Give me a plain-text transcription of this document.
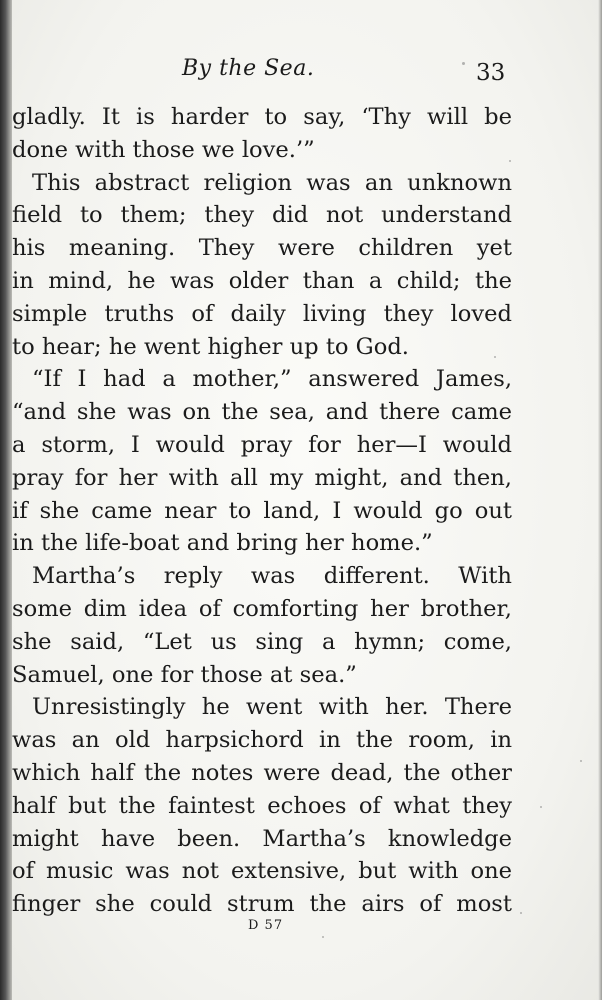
By the Sea.	33
gladly. It is harder to say, ‘Thy will be
done with those we love.’”
This abstract religion was an unknown
field to them; they did not understand
his meaning. They were children yet
in mind, he was older than a child; the
simple truths of daily living they loved
to hear; he went higher up to God.
“If I had a mother,” answered James,
“and she was on the sea, and there came
a storm, I would pray for her—I would
pray for her with all my might, and then,
if she came near to land, I would go out
in the life-boat and bring her home.”
Martha’s reply was different. With
some dim idea of comforting her brother,
she said, “Let us sing a hymn; come,
Samuel, one for those at sea.”
Unresistingly he went with her. There
was an old harpsichord in the room, in
which half the notes were dead, the other
half but the faintest echoes of what they
might have been. Martha’s knowledge
of music was not extensive, but with one
finger she could strum the airs of most
D 57
